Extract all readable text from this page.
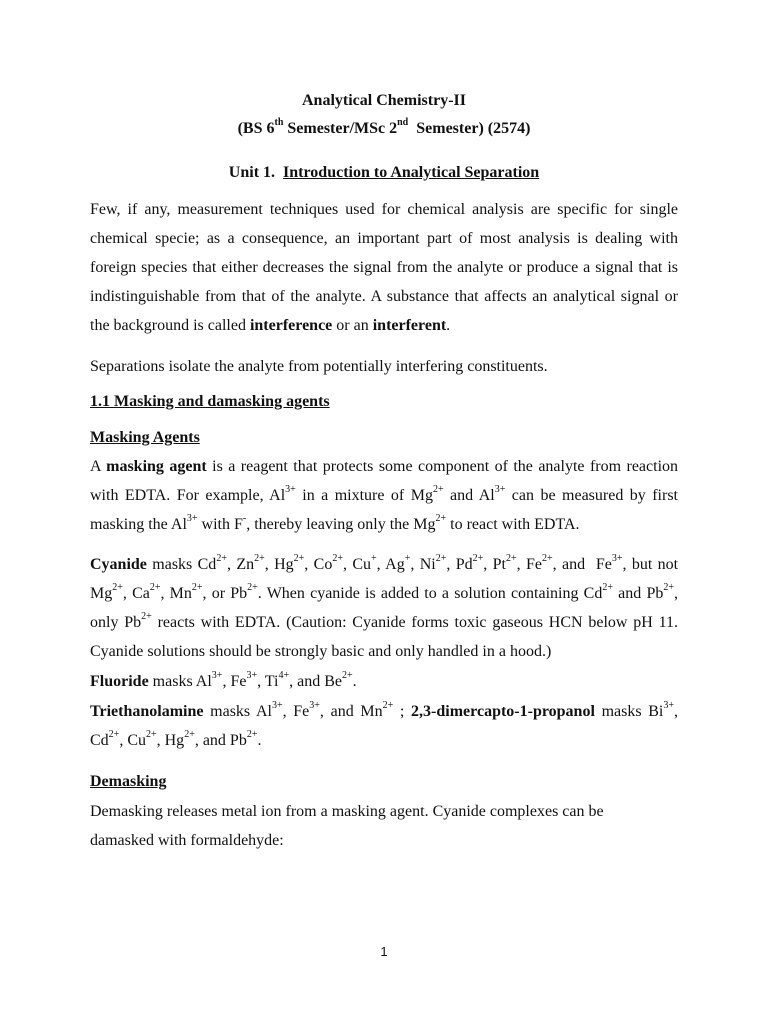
Analytical Chemistry-II
(BS 6th Semester/MSc 2nd  Semester) (2574)
Unit 1. Introduction to Analytical Separation

Few, if any, measurement techniques used for chemical analysis are specific for single chemical specie; as a consequence, an important part of most analysis is dealing with foreign species that either decreases the signal from the analyte or produce a signal that is indistinguishable from that of the analyte. A substance that affects an analytical signal or the background is called interference or an interferent.

Separations isolate the analyte from potentially interfering constituents.

1.1 Masking and damasking agents
Masking Agents

A masking agent is a reagent that protects some component of the analyte from reaction with EDTA. For example, $Al^{3+}$ in a mixture of $Mg^{2+}$ and $Al^{3+}$ can be measured by first masking the $Al^{3+}$ with F-, thereby leaving only the $Mg^{2+}$ to react with EDTA.

Cyanide masks $Cd^{2+}$, $Zn^{2+}$, $Hg^{2+}$, $Co^{2+}$, Cu+, Ag+, $Ni^{2+}$, $Pd^{2+}$, $Pt^{2+}$, $Fe^{2+}$, and  $Fe^{3+}$, but not $Mg^{2+}$, $Ca^{2+}$, $Mn^{2+}$, or $Pb^{2+}$. When cyanide is added to a solution containing $Cd^{2+}$ and $Pb^{2+}$, only $Pb^{2+}$ reacts with EDTA. (Caution: Cyanide forms toxic gaseous HCN below pH 11. Cyanide solutions should be strongly basic and only handled in a hood.)

Fluoride masks $Al^{3+}$, $Fe^{3+}$, $Ti^{4+}$, and $Be^{2+}$.

Triethanolamine masks $Al^{3+}$, $Fe^{3+}$, and $Mn^{2+}$ ; 2,3-dimercapto-1-propanol masks $Bi^{3+}$, $Cd^{2+}$, $Cu^{2+}$, $Hg^{2+}$, and $Pb^{2+}$.

Demasking

Demasking releases metal ion from a masking agent. Cyanide complexes can be
damasked with formaldehyde:

1
